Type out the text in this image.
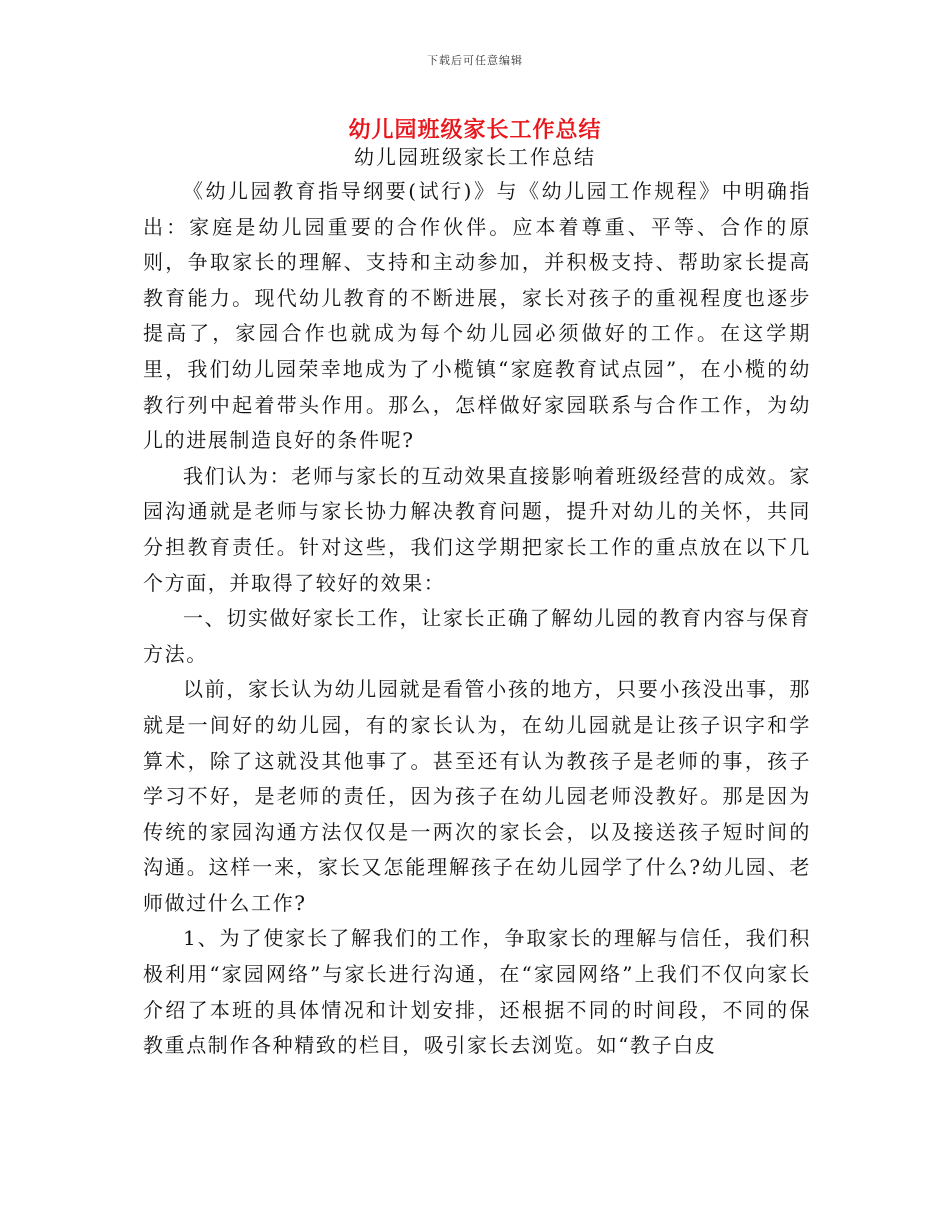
下载后可任意编辑
幼儿园班级家长工作总结
幼儿园班级家长工作总结

《幼儿园教育指导纲要(试行)》与《幼儿园工作规程》中明确指出：家庭是幼儿园重要的合作伙伴。应本着尊重、平等、合作的原则，争取家长的理解、支持和主动参加，并积极支持、帮助家长提高教育能力。现代幼儿教育的不断进展，家长对孩子的重视程度也逐步提高了，家园合作也就成为每个幼儿园必须做好的工作。在这学期里，我们幼儿园荣幸地成为了小榄镇“家庭教育试点园”，在小榄的幼教行列中起着带头作用。那么，怎样做好家园联系与合作工作，为幼儿的进展制造良好的条件呢?

我们认为：老师与家长的互动效果直接影响着班级经营的成效。家园沟通就是老师与家长协力解决教育问题，提升对幼儿的关怀，共同分担教育责任。针对这些，我们这学期把家长工作的重点放在以下几个方面，并取得了较好的效果：

一、切实做好家长工作，让家长正确了解幼儿园的教育内容与保育方法。

以前，家长认为幼儿园就是看管小孩的地方，只要小孩没出事，那就是一间好的幼儿园，有的家长认为，在幼儿园就是让孩子识字和学算术，除了这就没其他事了。甚至还有认为教孩子是老师的事，孩子学习不好，是老师的责任，因为孩子在幼儿园老师没教好。那是因为传统的家园沟通方法仅仅是一两次的家长会，以及接送孩子短时间的沟通。这样一来，家长又怎能理解孩子在幼儿园学了什么?幼儿园、老师做过什么工作?

1、为了使家长了解我们的工作，争取家长的理解与信任，我们积极利用“家园网络”与家长进行沟通，在“家园网络”上我们不仅向家长介绍了本班的具体情况和计划安排，还根据不同的时间段，不同的保教重点制作各种精致的栏目，吸引家长去浏览。如“教子白皮
